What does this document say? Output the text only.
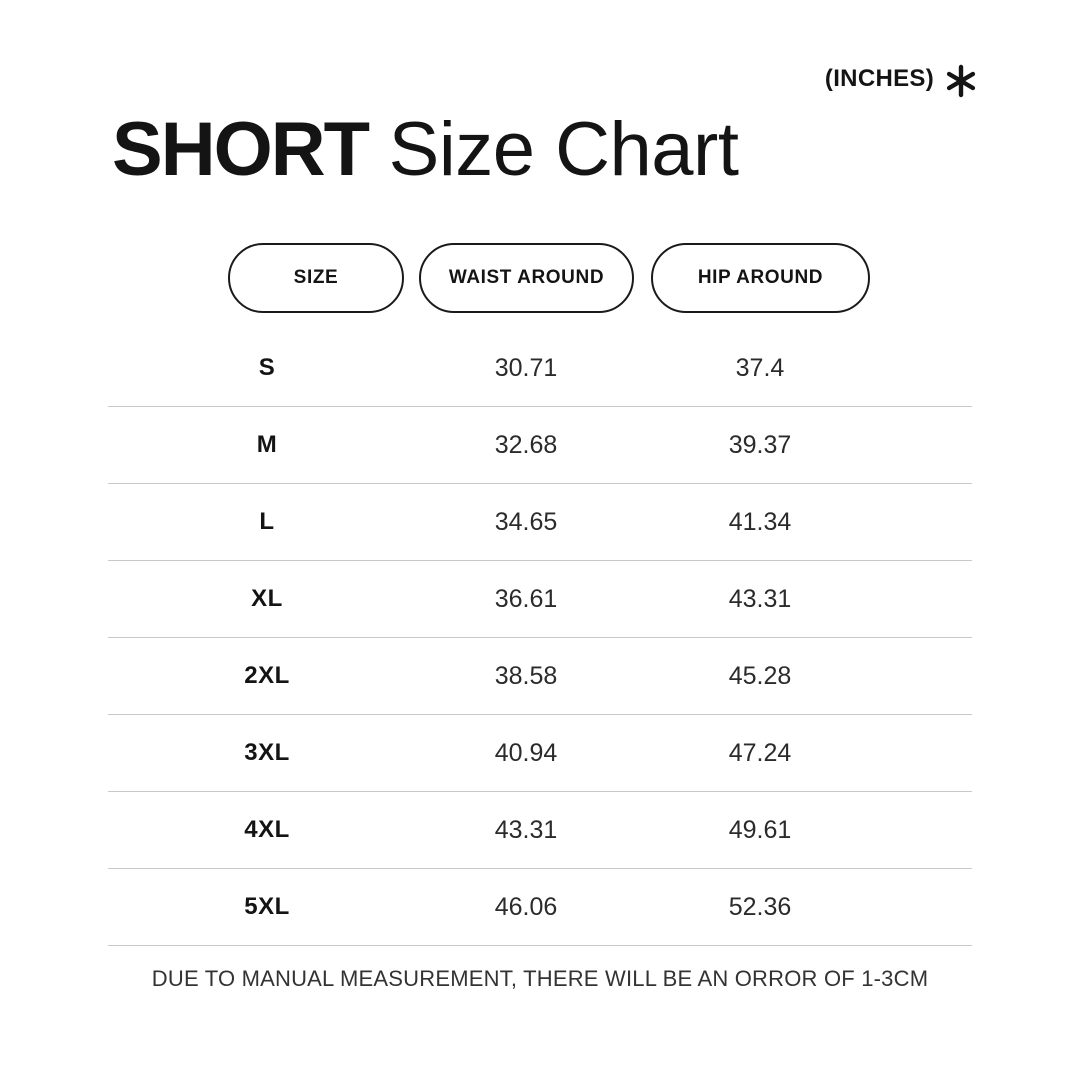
(INCHES)
SHORT Size Chart
SIZE	WAIST AROUND	HIP AROUND
S	30.71	37.4
M	32.68	39.37
L	34.65	41.34
XL	36.61	43.31
2XL	38.58	45.28
3XL	40.94	47.24
4XL	43.31	49.61
5XL	46.06	52.36
DUE TO MANUAL MEASUREMENT, THERE WILL BE AN ORROR OF 1-3CM
